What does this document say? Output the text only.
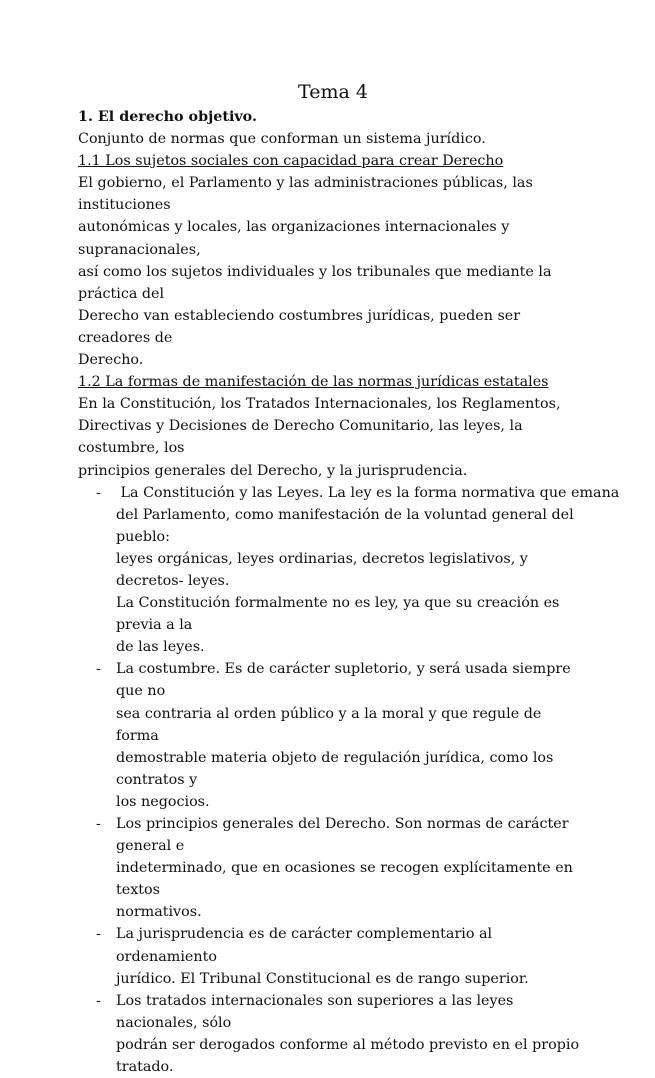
Tema 4
1. El derecho objetivo.
Conjunto de normas que conforman un sistema jurídico.
1.1 Los sujetos sociales con capacidad para crear Derecho
El gobierno, el Parlamento y las administraciones públicas, las instituciones
autonómicas y locales, las organizaciones internacionales y supranacionales,
así como los sujetos individuales y los tribunales que mediante la práctica del
Derecho van estableciendo costumbres jurídicas, pueden ser creadores de
Derecho.
1.2 La formas de manifestación de las normas jurídicas estatales
En la Constitución, los Tratados Internacionales, los Reglamentos,
Directivas y Decisiones de Derecho Comunitario, las leyes, la costumbre, los
principios generales del Derecho, y la jurisprudencia.
- La Constitución y las Leyes. La ley es la forma normativa que emana
del Parlamento, como manifestación de la voluntad general del pueblo:
leyes orgánicas, leyes ordinarias, decretos legislativos, y decretos- leyes.
La Constitución formalmente no es ley, ya que su creación es previa a la
de las leyes.
- La costumbre. Es de carácter supletorio, y será usada siempre que no
sea contraria al orden público y a la moral y que regule de forma
demostrable materia objeto de regulación jurídica, como los contratos y
los negocios.
- Los principios generales del Derecho. Son normas de carácter general e
indeterminado, que en ocasiones se recogen explícitamente en textos
normativos.
- La jurisprudencia es de carácter complementario al ordenamiento
jurídico. El Tribunal Constitucional es de rango superior.
- Los tratados internacionales son superiores a las leyes nacionales, sólo
podrán ser derogados conforme al método previsto en el propio
tratado.
